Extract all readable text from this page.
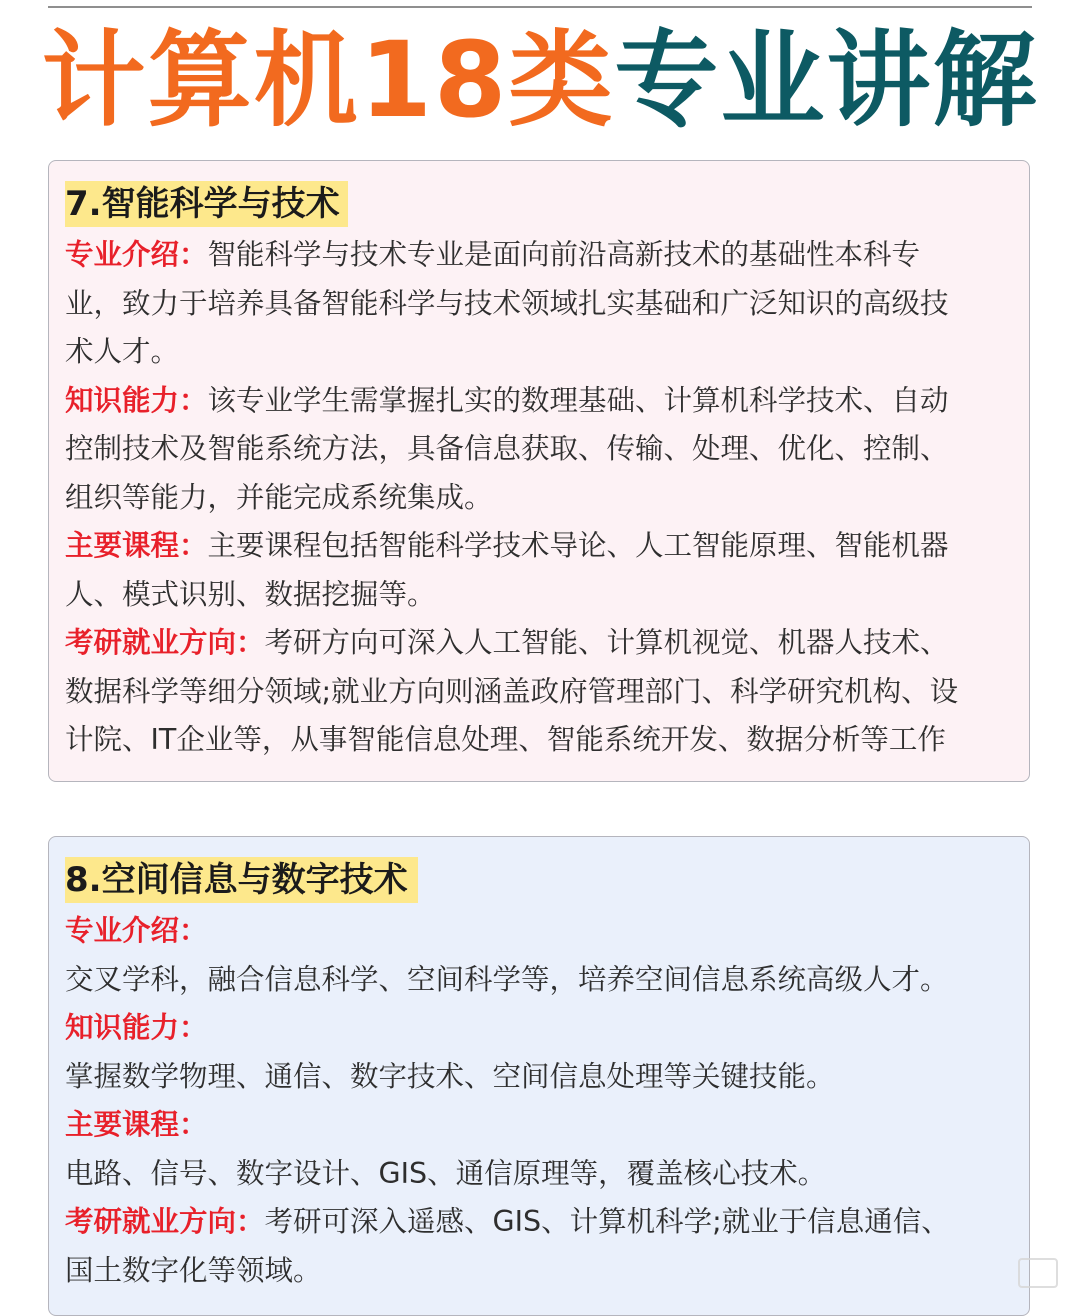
计算机18类专业讲解
7.智能科学与技术
专业介绍：智能科学与技术专业是面向前沿高新技术的基础性本科专
业，致力于培养具备智能科学与技术领域扎实基础和广泛知识的高级技
术人才。
知识能力：该专业学生需掌握扎实的数理基础、计算机科学技术、自动
控制技术及智能系统方法，具备信息获取、传输、处理、优化、控制、
组织等能力，并能完成系统集成。
主要课程：主要课程包括智能科学技术导论、人工智能原理、智能机器
人、模式识别、数据挖掘等。
考研就业方向：考研方向可深入人工智能、计算机视觉、机器人技术、
数据科学等细分领域;就业方向则涵盖政府管理部门、科学研究机构、设
计院、IT企业等，从事智能信息处理、智能系统开发、数据分析等工作
8.空间信息与数字技术
专业介绍：
交叉学科，融合信息科学、空间科学等，培养空间信息系统高级人才。
知识能力：
掌握数学物理、通信、数字技术、空间信息处理等关键技能。
主要课程：
电路、信号、数字设计、GIS、通信原理等，覆盖核心技术。
考研就业方向：考研可深入遥感、GIS、计算机科学;就业于信息通信、
国土数字化等领域。
